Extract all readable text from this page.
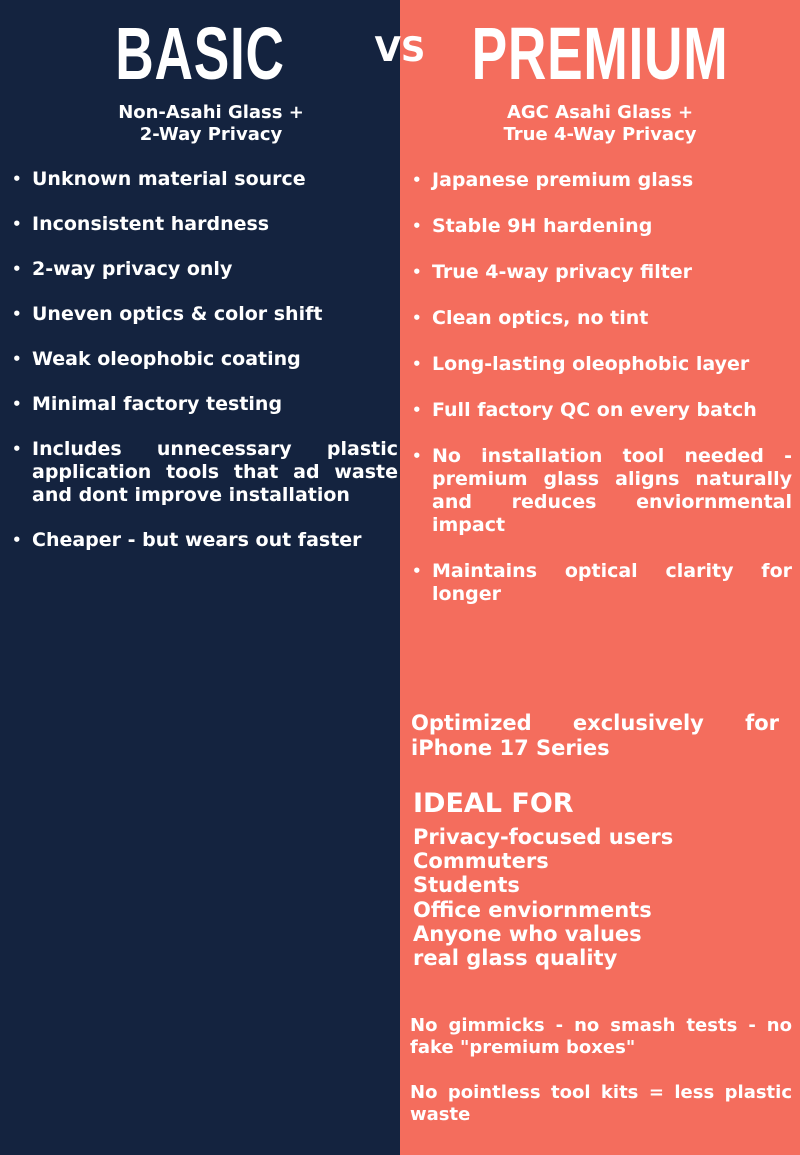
BASIC

Non-Asahi Glass +
2-Way Privacy

• Unknown material source
• Inconsistent hardness
• 2-way privacy only
• Uneven optics & color shift
• Weak oleophobic coating
• Minimal factory testing
• Includes unnecessary plastic application tools that ad waste and dont improve installation
• Cheaper - but wears out faster
PREMIUM

AGC Asahi Glass +
True 4-Way Privacy

• Japanese premium glass
• Stable 9H hardening
• True 4-way privacy filter
• Clean optics, no tint
• Long-lasting oleophobic layer
• Full factory QC on every batch
• No installation tool needed - premium glass aligns naturally and reduces enviornmental impact
• Maintains optical clarity for longer

Optimized exclusively for iPhone 17 Series

IDEAL FOR
Privacy-focused users
Commuters
Students
Office enviornments
Anyone who values
real glass quality

No gimmicks - no smash tests - no fake "premium boxes"

No pointless tool kits = less plastic waste

VS
